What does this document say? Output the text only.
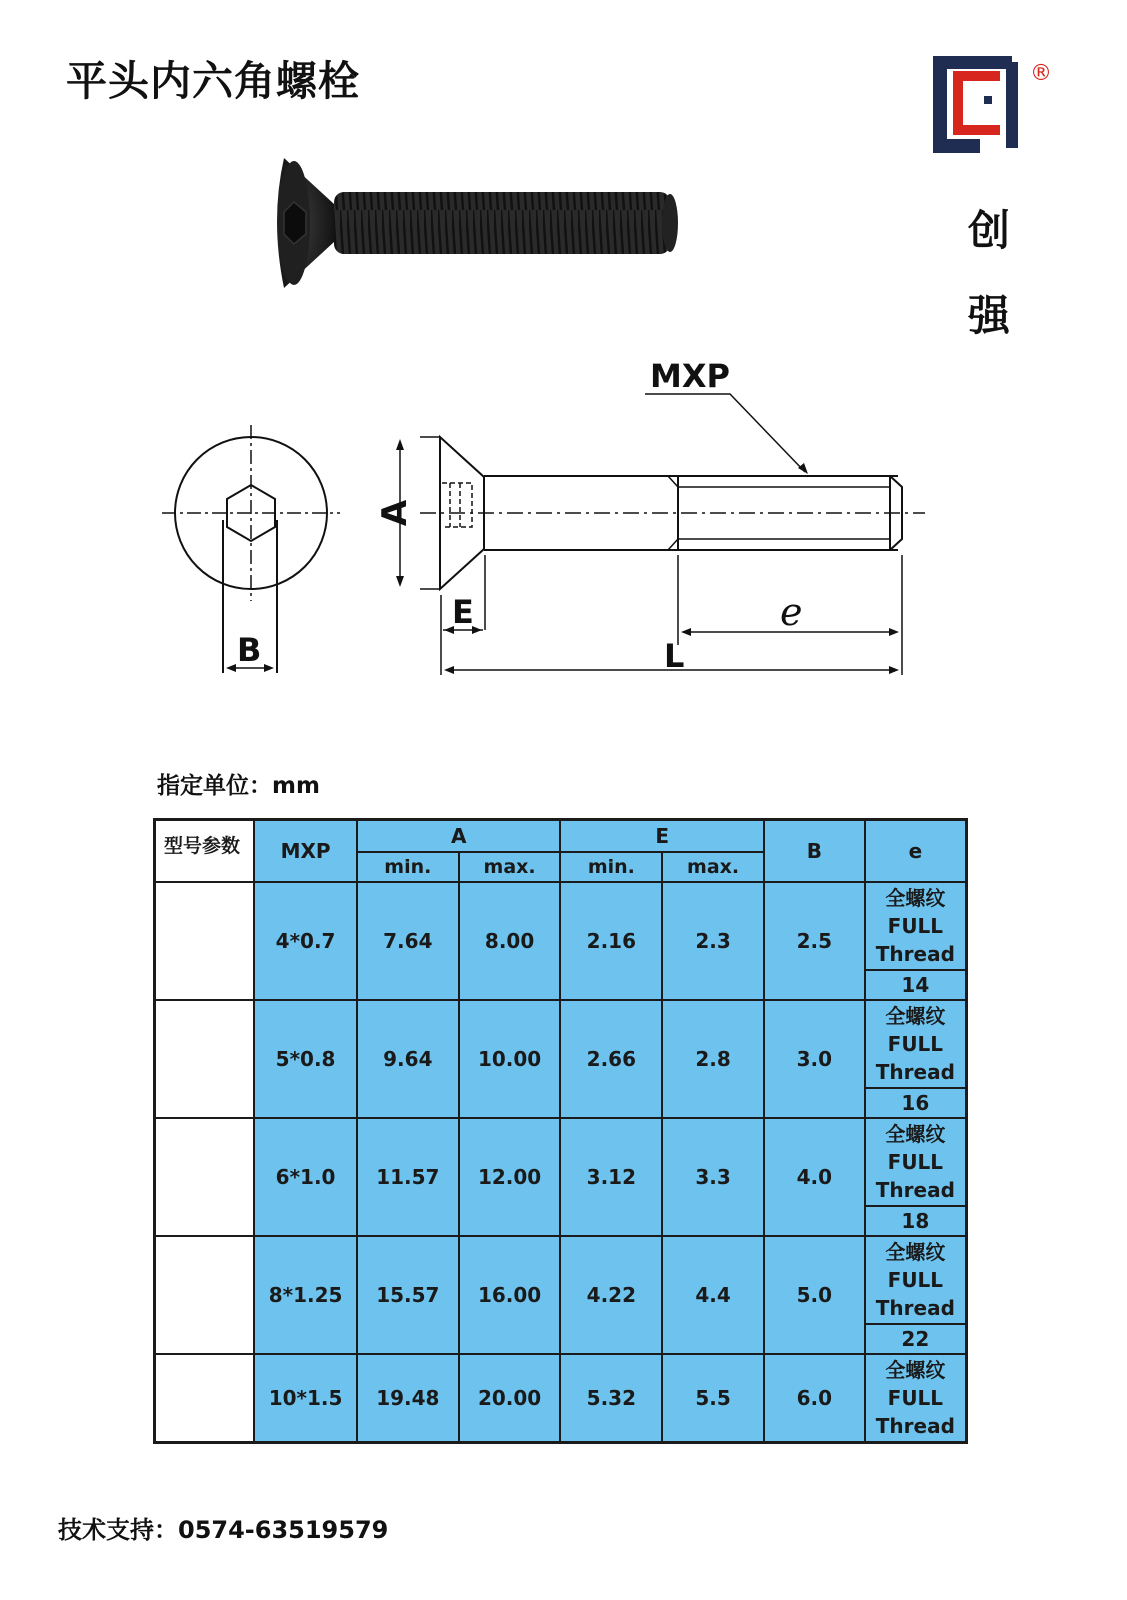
平头内六角螺栓	®
创
强
MXP
A
E
B	L
e
指定单位：mm
型号参数	MXP	A		E		B	e
		min.	max.	min.	max.		
	4*0.7	7.64	8.00	2.16	2.3	2.5	全螺纹
FULL
Thread

							14
	5*0.8	9.64	10.00	2.66	2.8	3.0	全螺纹
FULL
Thread

							16
	6*1.0	11.57	12.00	3.12	3.3	4.0	全螺纹
FULL
Thread

							18
	8*1.25	15.57	16.00	4.22	4.4	5.0	全螺纹
FULL
Thread

							22
	10*1.5	19.48	20.00	5.32	5.5	6.0	全螺纹
FULL
Thread
技术支持：0574-63519579
